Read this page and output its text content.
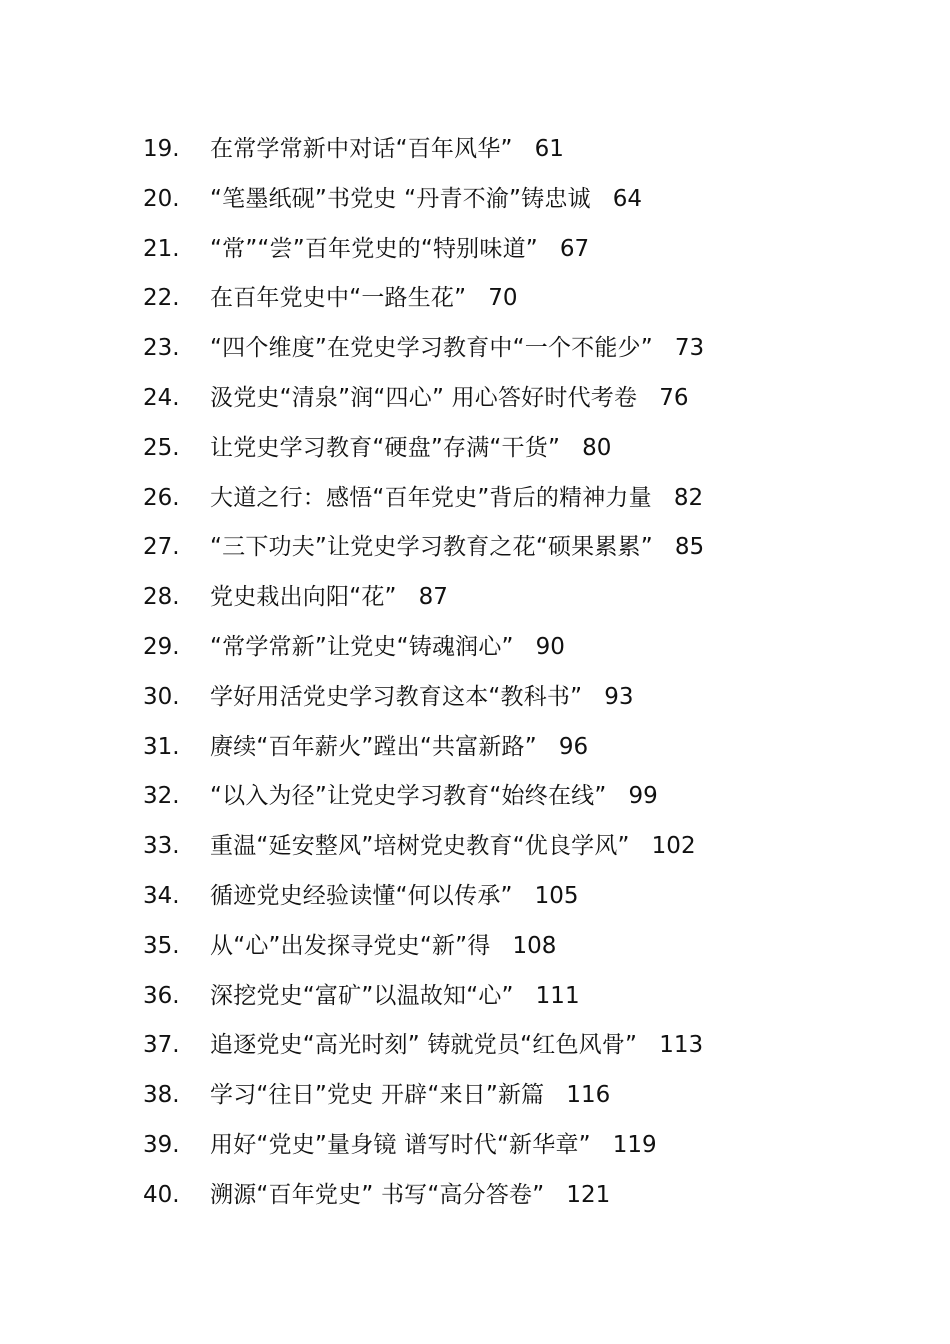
19.	在常学常新中对话“百年风华” 61
20.	“笔墨纸砚”书党史 “丹青不渝”铸忠诚 64
21.	“常”“尝”百年党史的“特别味道” 67
22.	在百年党史中“一路生花” 70
23.	“四个维度”在党史学习教育中“一个不能少” 73
24.	汲党史“清泉”润“四心” 用心答好时代考卷 76
25.	让党史学习教育“硬盘”存满“干货” 80
26.	大道之行：感悟“百年党史”背后的精神力量 82
27.	“三下功夫”让党史学习教育之花“硕果累累” 85
28.	党史栽出向阳“花” 87
29.	“常学常新”让党史“铸魂润心” 90
30.	学好用活党史学习教育这本“教科书” 93
31.	赓续“百年薪火”蹚出“共富新路” 96
32.	“以入为径”让党史学习教育“始终在线” 99
33.	重温“延安整风”培树党史教育“优良学风” 102
34.	循迹党史经验读懂“何以传承” 105
35.	从“心”出发探寻党史“新”得 108
36.	深挖党史“富矿”以温故知“心” 111
37.	追逐党史“高光时刻” 铸就党员“红色风骨” 113
38.	学习“往日”党史 开辟“来日”新篇 116
39.	用好“党史”量身镜 谱写时代“新华章” 119
40.	溯源“百年党史” 书写“高分答卷” 121
